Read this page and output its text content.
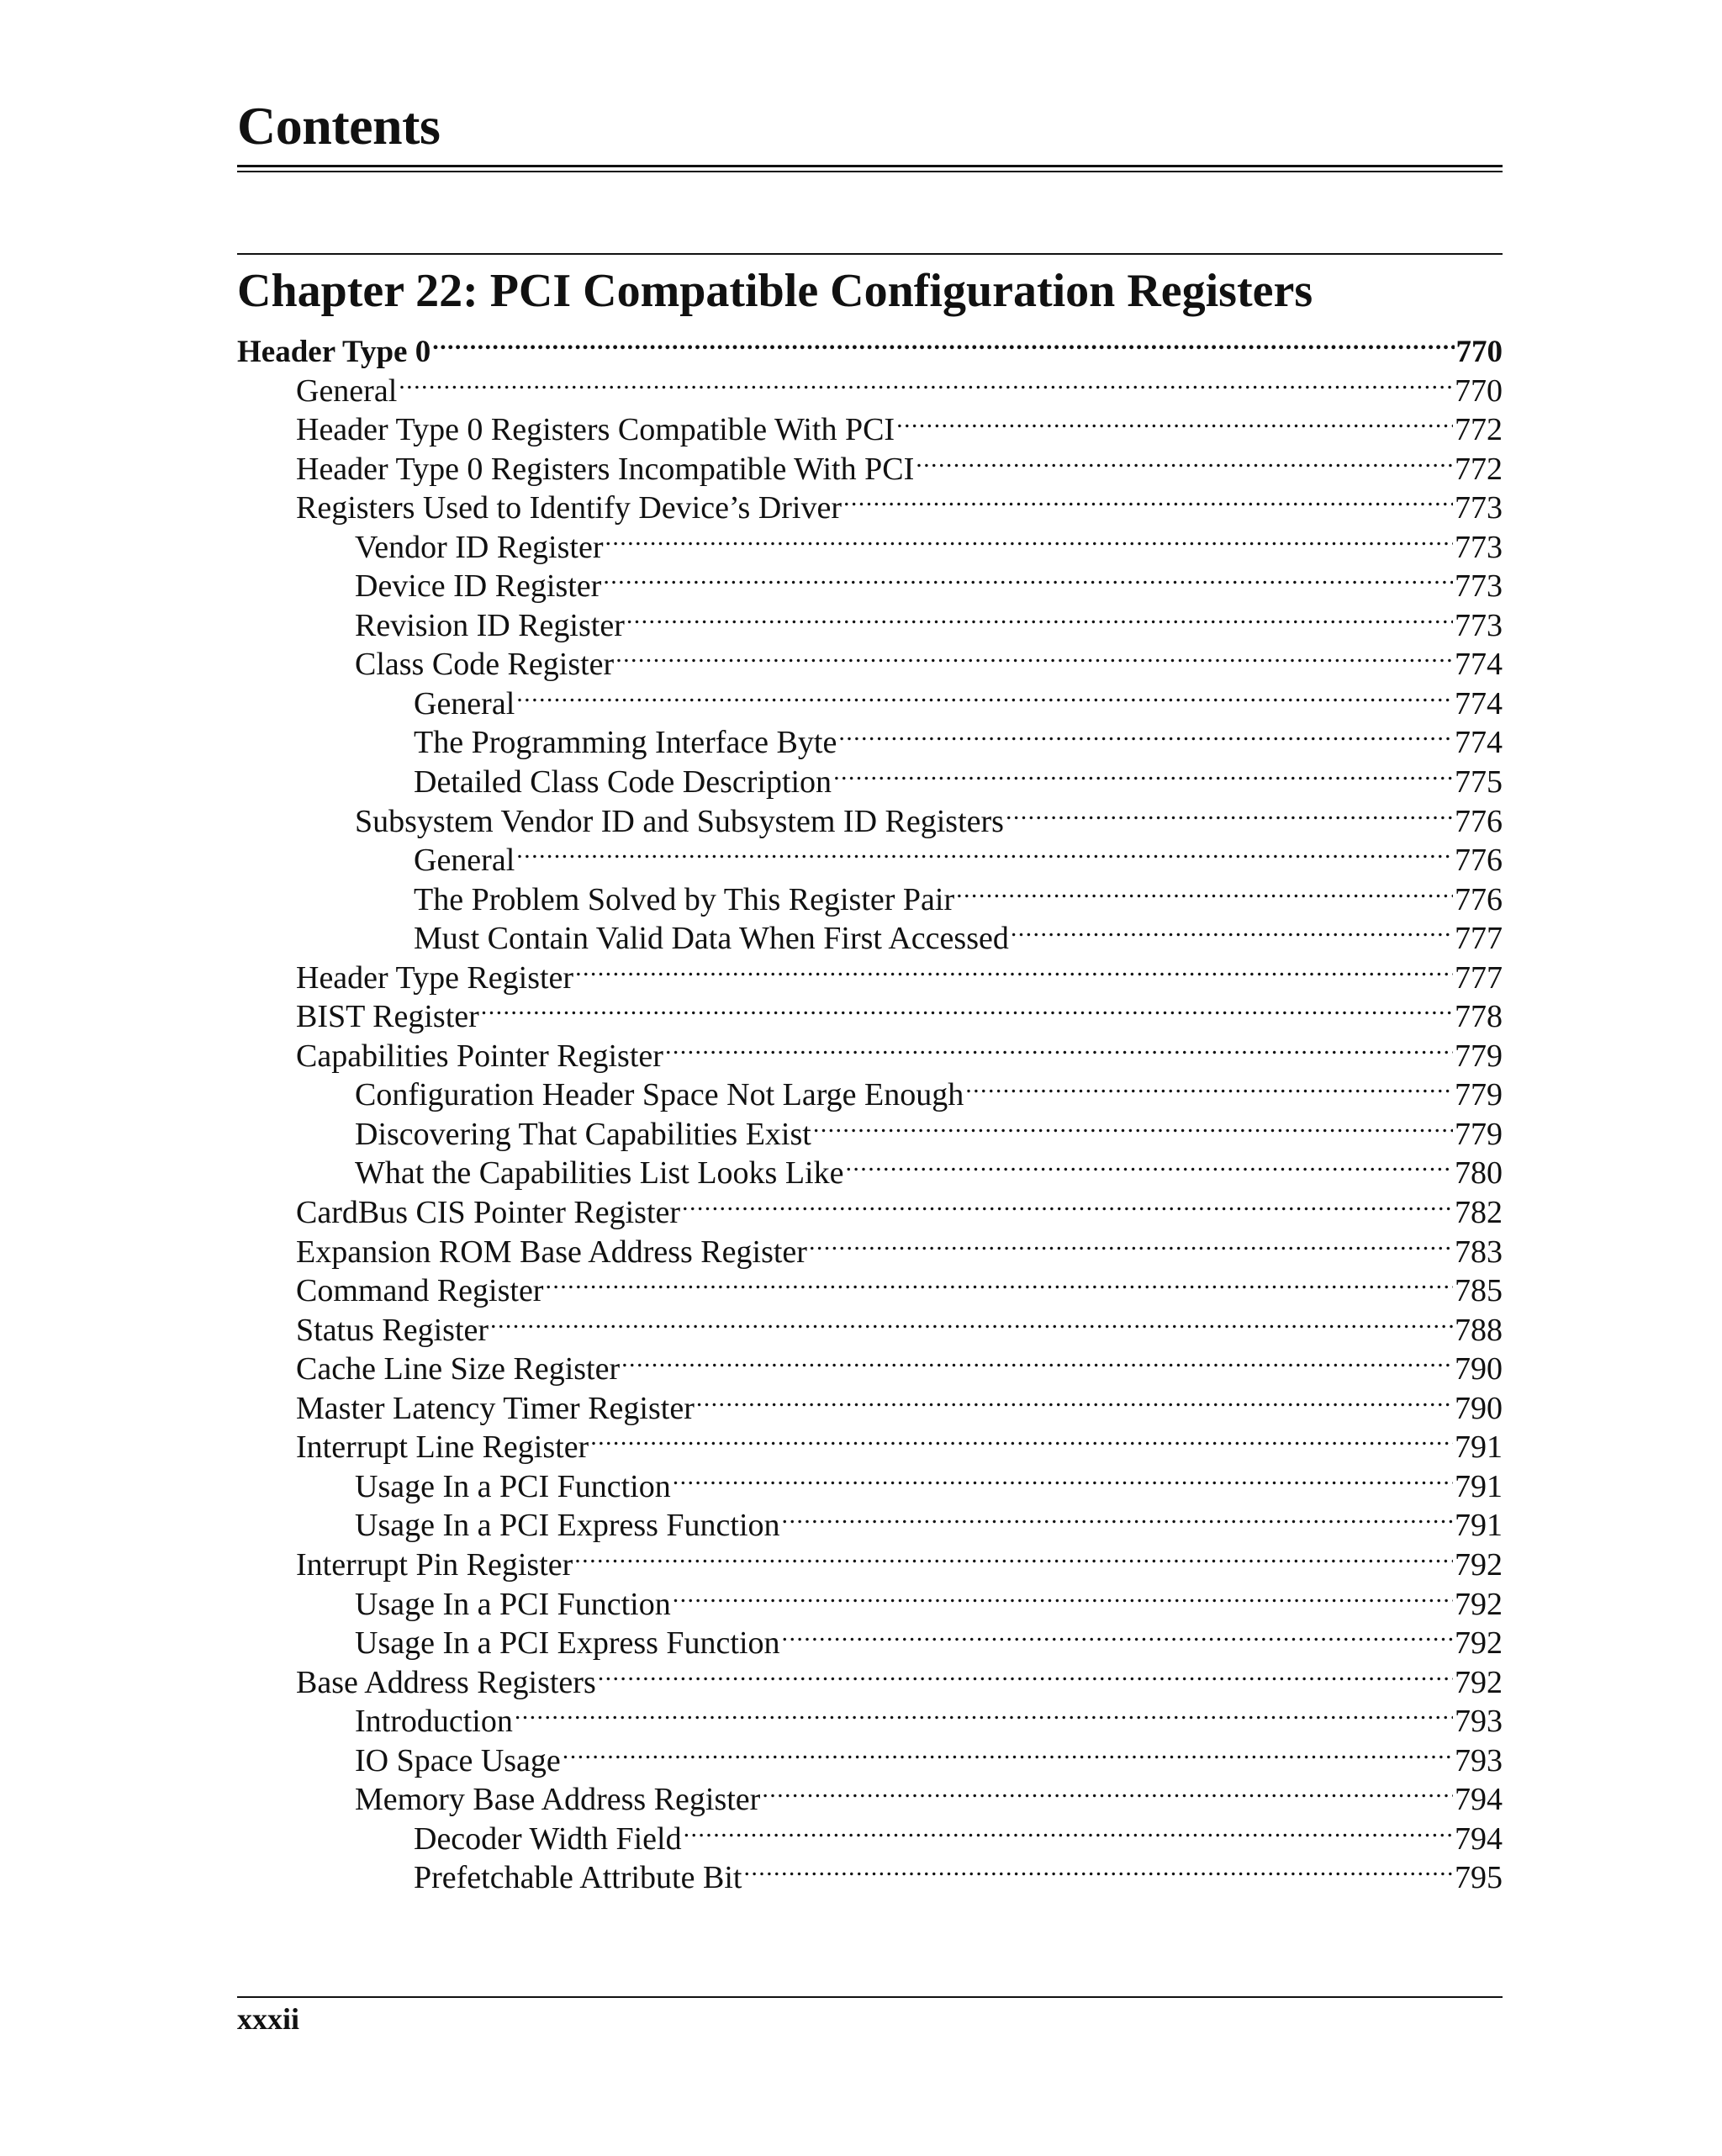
Contents
Chapter 22: PCI Compatible Configuration Registers
Header Type 0 .....	770
General .....	770
Header Type 0 Registers Compatible With PCI .....	772
Header Type 0 Registers Incompatible With PCI .....	772
Registers Used to Identify Device’s Driver .....	773
Vendor ID Register .....	773
Device ID Register .....	773
Revision ID Register .....	773
Class Code Register .....	774
General .....	774
The Programming Interface Byte .....	774
Detailed Class Code Description .....	775
Subsystem Vendor ID and Subsystem ID Registers .....	776
General .....	776
The Problem Solved by This Register Pair .....	776
Must Contain Valid Data When First Accessed .....	777
Header Type Register .....	777
BIST Register .....	778
Capabilities Pointer Register .....	779
Configuration Header Space Not Large Enough .....	779
Discovering That Capabilities Exist .....	779
What the Capabilities List Looks Like .....	780
CardBus CIS Pointer Register .....	782
Expansion ROM Base Address Register .....	783
Command Register .....	785
Status Register .....	788
Cache Line Size Register .....	790
Master Latency Timer Register .....	790
Interrupt Line Register .....	791
Usage In a PCI Function .....	791
Usage In a PCI Express Function .....	791
Interrupt Pin Register .....	792
Usage In a PCI Function .....	792
Usage In a PCI Express Function .....	792
Base Address Registers .....	792
Introduction .....	793
IO Space Usage .....	793
Memory Base Address Register .....	794
Decoder Width Field .....	794
Prefetchable Attribute Bit .....	795
xxxii
